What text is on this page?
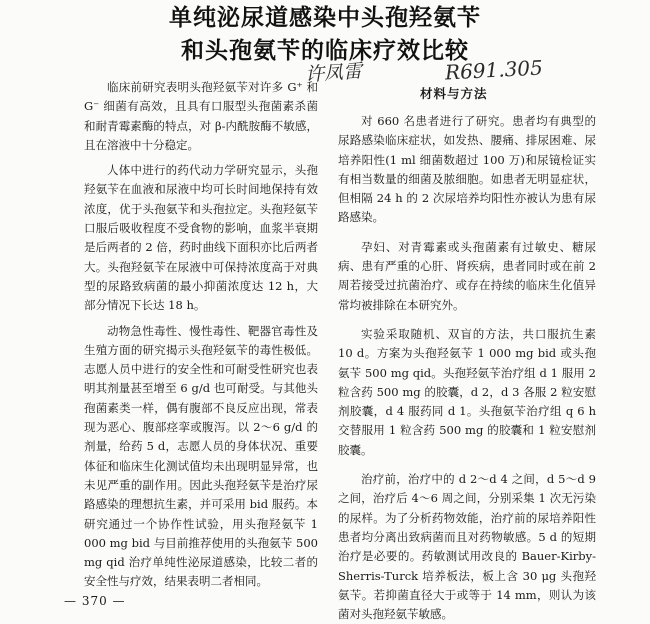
单纯泌尿道感染中头孢羟氨苄
和头孢氨苄的临床疗效比较
许凤雷	R691.305
材料与方法

临床前研究表明头孢羟氨苄对许多 G⁺ 和 G⁻ 细菌有高效，且具有口服型头孢菌素杀菌和耐青霉素酶的特点，对 β-内酰胺酶不敏感，且在溶液中十分稳定。

人体中进行的药代动力学研究显示，头孢羟氨苄在血液和尿液中均可长时间地保持有效浓度，优于头孢氨苄和头孢拉定。头孢羟氨苄口服后吸收程度不受食物的影响，血浆半衰期是后两者的 2 倍，药时曲线下面积亦比后两者大。头孢羟氨苄在尿液中可保持浓度高于对典型的尿路致病菌的最小抑菌浓度达 12 h，大部分情况下长达 18 h。

动物急性毒性、慢性毒性、靶器官毒性及生殖方面的研究揭示头孢羟氨苄的毒性极低。志愿人员中进行的安全性和可耐受性研究也表明其剂量甚至增至 6 g/d 也可耐受。与其他头孢菌素类一样，偶有腹部不良反应出现，常表现为恶心、腹部痉挛或腹泻。以 2～6 g/d 的剂量，给药 5 d，志愿人员的身体状况、重要体征和临床生化测试值均未出现明显异常，也未见严重的副作用。因此头孢羟氨苄是治疗尿路感染的理想抗生素，并可采用 bid 服药。本研究通过一个协作性试验，用头孢羟氨苄 1 000 mg bid 与目前推荐使用的头孢氨苄 500 mg qid 治疗单纯性泌尿道感染，比较二者的安全性与疗效，结果表明二者相同。

对 660 名患者进行了研究。患者均有典型的尿路感染临床症状，如发热、腰痛、排尿困难、尿培养阳性(1 ml 细菌数超过 100 万)和尿镜检证实有相当数量的细菌及脓细胞。如患者无明显症状，但相隔 24 h 的 2 次尿培养均阳性亦被认为患有尿路感染。

孕妇、对青霉素或头孢菌素有过敏史、糖尿病、患有严重的心肝、肾疾病，患者同时或在前 2 周若接受过抗菌治疗、或存在持续的临床生化值异常均被排除在本研究外。

实验采取随机、双盲的方法，共口服抗生素 10 d。方案为头孢羟氨苄 1 000 mg bid 或头孢氨苄 500 mg qid。头孢羟氨苄治疗组 d 1 服用 2 粒含药 500 mg 的胶囊，d 2，d 3 各服 2 粒安慰剂胶囊，d 4 服药同 d 1。头孢氨苄治疗组 q 6 h 交替服用 1 粒含药 500 mg 的胶囊和 1 粒安慰剂胶囊。

治疗前，治疗中的 d 2～d 4 之间，d 5～d 9 之间，治疗后 4～6 周之间，分别采集 1 次无污染的尿样。为了分析药物效能，治疗前的尿培养阳性患者均分离出致病菌而且对药物敏感。5 d 的短期治疗是必要的。药敏测试用改良的 Bauer-Kirby-Sherris-Turck 培养板法，板上含 30 μg 头孢羟氨苄。若抑菌直径大于或等于 14 mm，则认为该菌对头孢羟氨苄敏感。

— 370 —
